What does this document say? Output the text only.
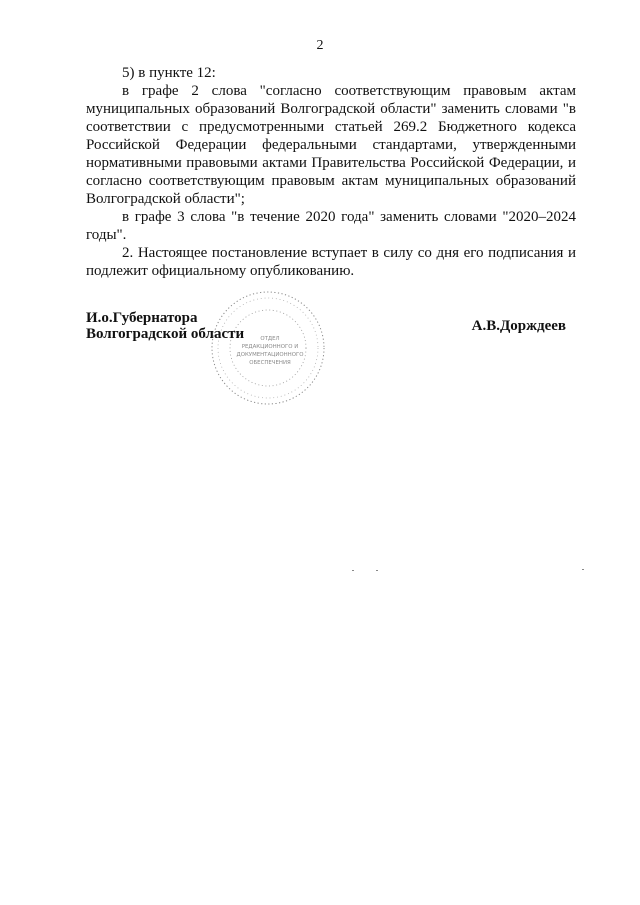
2

5) в пункте 12:

в графе 2 слова "согласно соответствующим правовым актам муниципальных образований Волгоградской области" заменить словами "в соответствии с предусмотренными статьей 269.2 Бюджетного кодекса Российской Федерации федеральными стандартами, утвержденными нормативными правовыми актами Правительства Российской Федерации, и согласно соответствующим правовым актам муниципальных образований Волгоградской области";

в графе 3 слова "в течение 2020 года" заменить словами "2020–2024 годы".

2. Настоящее постановление вступает в силу со дня его подписания и подлежит официальному опубликованию.

И.о.Губернатора
Волгоградской области	ОТДЕЛ
РЕДАКЦИОННОГО И
ДОКУМЕНТАЦИОННОГО
ОБЕСПЕЧЕНИЯ
А.В.Дорждеев
